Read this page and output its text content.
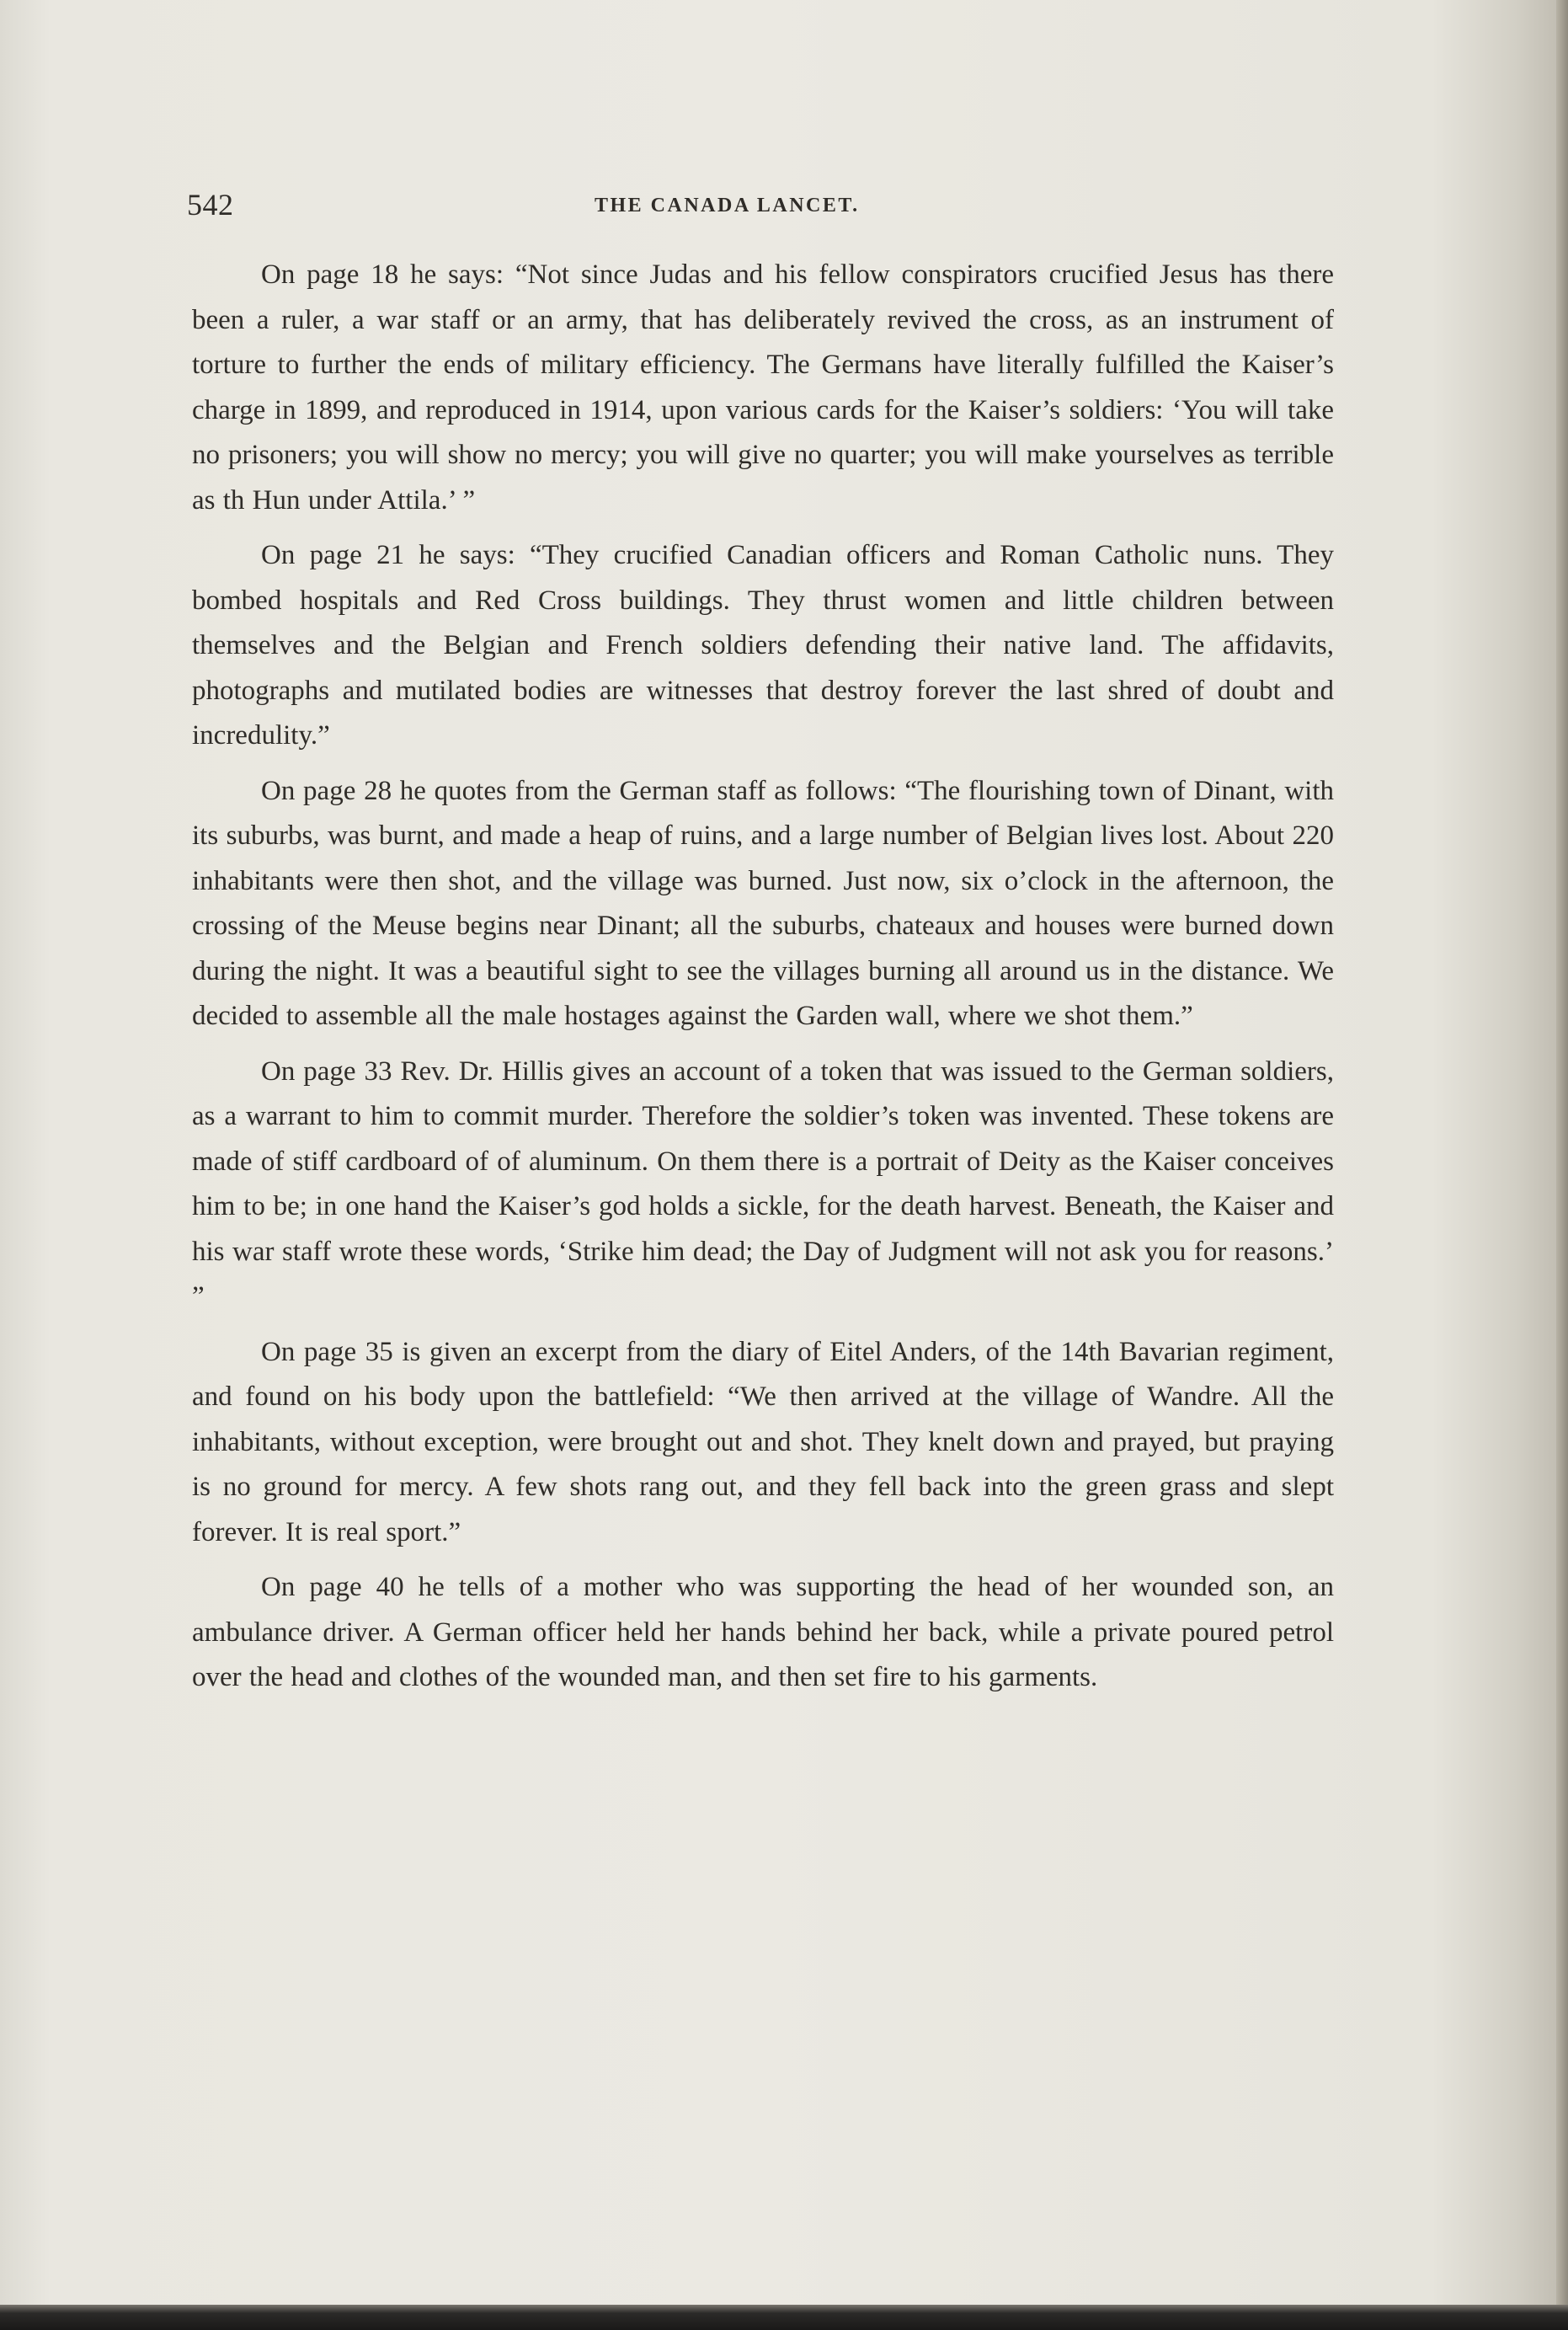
542	THE CANADA LANCET.

On page 18 he says: “Not since Judas and his fellow conspirators crucified Jesus has there been a ruler, a war staff or an army, that has deliberately revived the cross, as an instrument of torture to further the ends of military efficiency. The Germans have literally fulfilled the Kaiser’s charge in 1899, and reproduced in 1914, upon various cards for the Kaiser’s soldiers: ‘You will take no prisoners; you will show no mercy; you will give no quarter; you will make yourselves as terrible as th Hun under Attila.’ ”

On page 21 he says: “They crucified Canadian officers and Roman Catholic nuns. They bombed hospitals and Red Cross buildings. They thrust women and little children between themselves and the Belgian and French soldiers defending their native land. The affidavits, photographs and mutilated bodies are witnesses that destroy forever the last shred of doubt and incredulity.”

On page 28 he quotes from the German staff as follows: “The flourishing town of Dinant, with its suburbs, was burnt, and made a heap of ruins, and a large number of Belgian lives lost. About 220 inhabitants were then shot, and the village was burned. Just now, six o’clock in the afternoon, the crossing of the Meuse begins near Dinant; all the suburbs, chateaux and houses were burned down during the night. It was a beautiful sight to see the villages burning all around us in the distance. We decided to assemble all the male hostages against the Garden wall, where we shot them.”

On page 33 Rev. Dr. Hillis gives an account of a token that was issued to the German soldiers, as a warrant to him to commit murder. Therefore the soldier’s token was invented. These tokens are made of stiff cardboard of of aluminum. On them there is a portrait of Deity as the Kaiser conceives him to be; in one hand the Kaiser’s god holds a sickle, for the death harvest. Beneath, the Kaiser and his war staff wrote these words, ‘Strike him dead; the Day of Judgment will not ask you for reasons.’ ”

On page 35 is given an excerpt from the diary of Eitel Anders, of the 14th Bavarian regiment, and found on his body upon the battlefield: “We then arrived at the village of Wandre. All the inhabitants, without exception, were brought out and shot. They knelt down and prayed, but praying is no ground for mercy. A few shots rang out, and they fell back into the green grass and slept forever. It is real sport.”

On page 40 he tells of a mother who was supporting the head of her wounded son, an ambulance driver. A German officer held her hands behind her back, while a private poured petrol over the head and clothes of the wounded man, and then set fire to his garments.
